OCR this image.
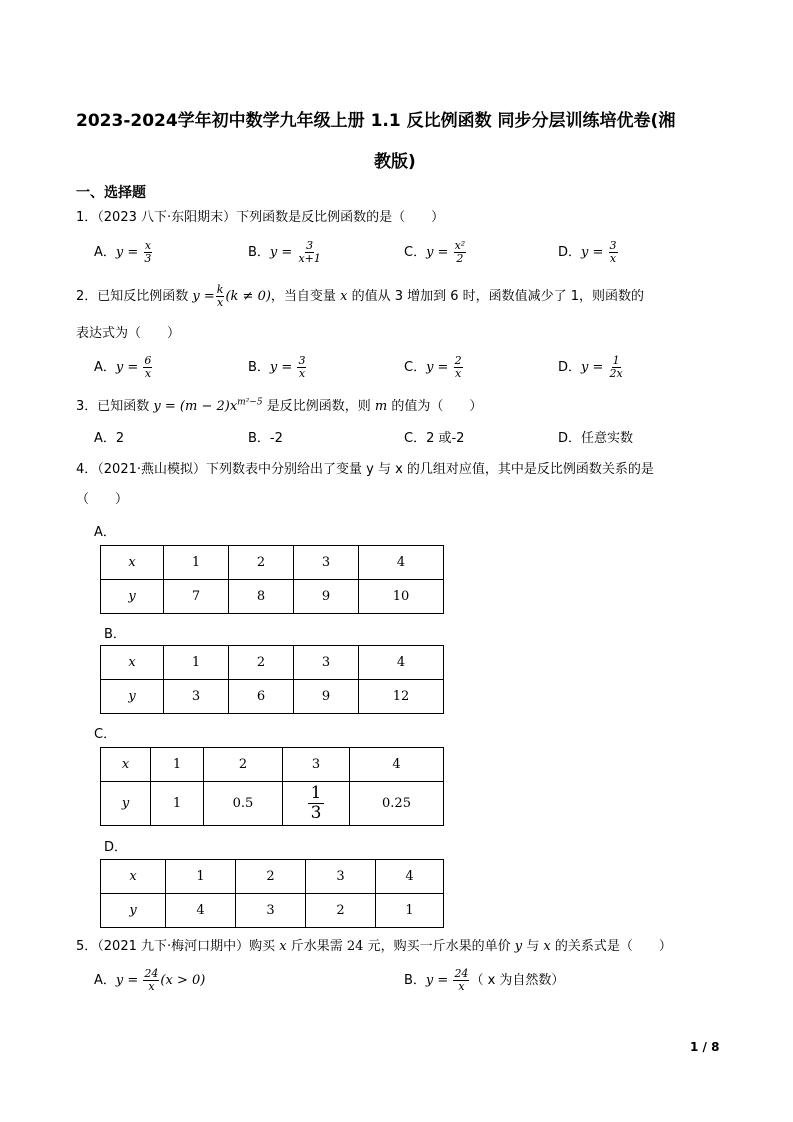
2023-2024学年初中数学九年级上册 1.1 反比例函数 同步分层训练培优卷(湘
教版)
一、选择题
1．（2023 八下·东阳期末）下列函数是反比例函数的是（　　）
A．$y = \frac{x}{3}$	B．$y = \frac{3}{x+1}$	C．$y = \frac{\text{x²}}{2}$	D．$y = \frac{3}{x}$
2．已知反比例函数 $y = \frac{k}{x} (k \ne 0)$，当自变量 x 的值从 3 增加到 6 时，函数值减少了 1，则函数的
表达式为（　　）
A．$y = \frac{6}{x}$	B．$y = \frac{3}{x}$	C．$y = \frac{2}{x}$	D．$y = \frac{1}{2x}$
3．已知函数 $y = (m - 2)x^{m^2-5}$ 是反比例函数，则 m 的值为（　　）
A．2	B．-2	C．2 或-2	D．任意实数
4．（2021·燕山模拟）下列数表中分别给出了变量 y 与 x 的几组对应值，其中是反比例函数关系的是
（　　）
A．
x	1	2	3	4
y	7	8	9	10
B．
x	1	2	3	4
y	3	6	9	12
C．
x	1	2	3	4
y	1	0.5	$\frac{1}{3}$	0.25
D．
x	1	2	3	4
y	4	3	2	1
5．（2021 九下·梅河口期中）购买 x 斤水果需 24 元，购买一斤水果的单价 y 与 x 的关系式是（　　）
A．$y = \frac{24}{x} (x > 0)$	B．$y = \frac{24}{x}$ （ x 为自然数）
1 / 8
